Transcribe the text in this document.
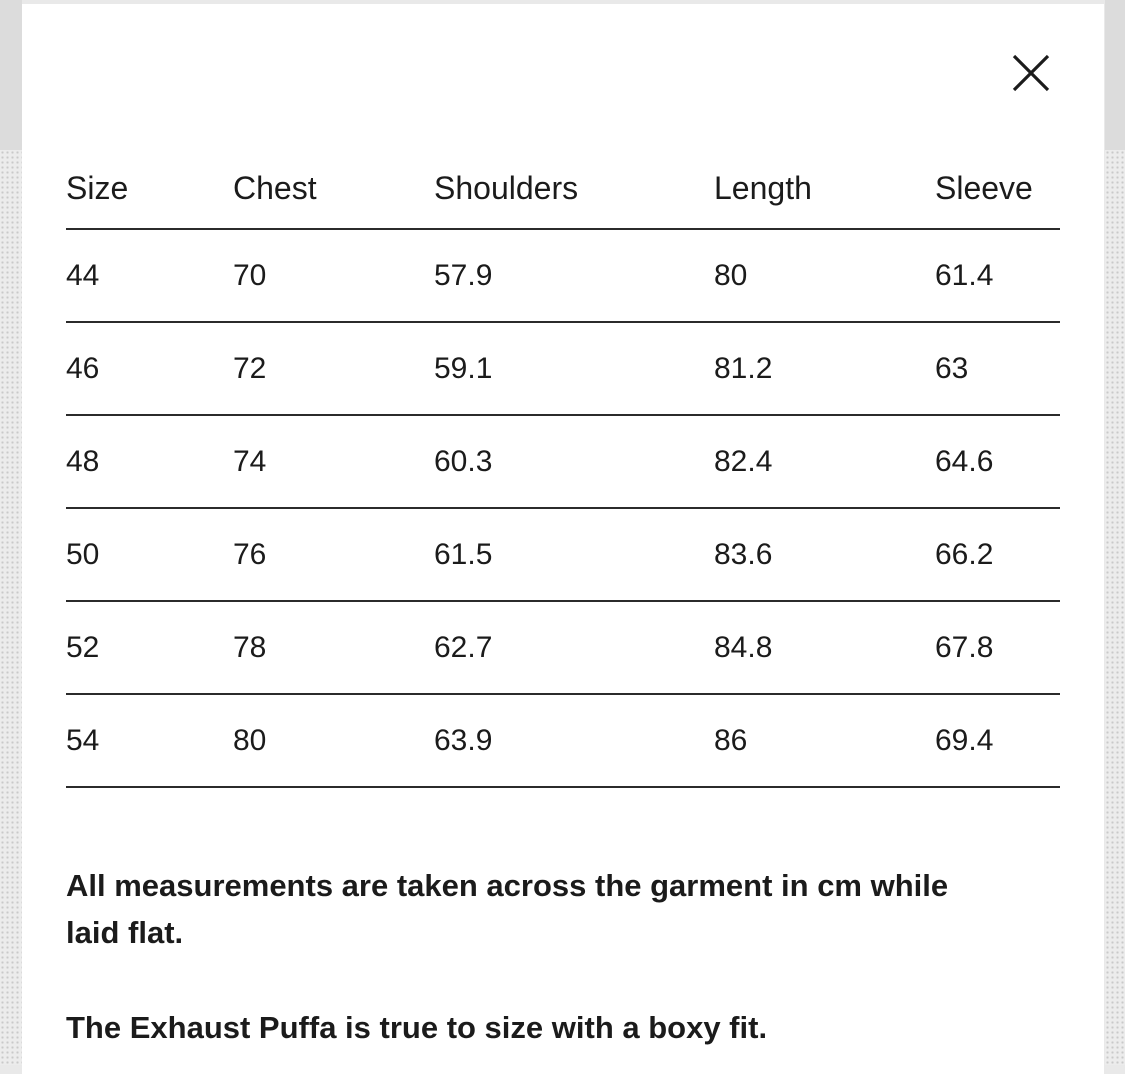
Size	Chest	Shoulders	Length	Sleeve
44	70	57.9	80	61.4
46	72	59.1	81.2	63
48	74	60.3	82.4	64.6
50	76	61.5	83.6	66.2
52	78	62.7	84.8	67.8
54	80	63.9	86	69.4

All measurements are taken across the garment in cm while laid flat.

The Exhaust Puffa is true to size with a boxy fit.
